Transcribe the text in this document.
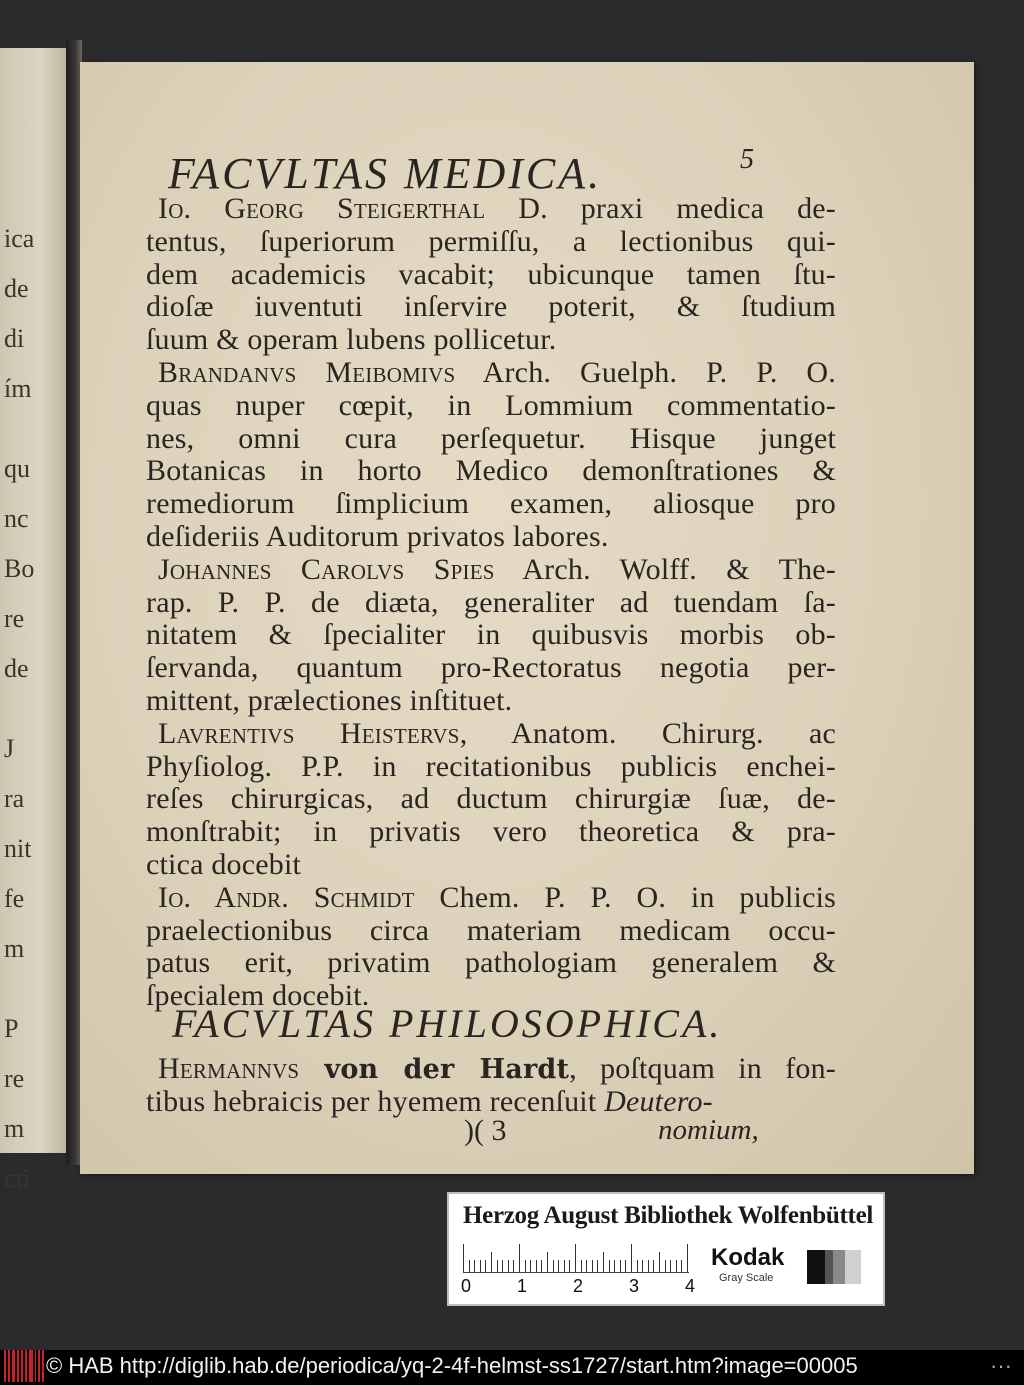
ica
de
di
ím
qu
nc
Bo
re
de
J
ra
nit
fe
m
P
re
m
cti
FACVLTAS MEDICA.	5
FACVLTAS PHILOSOPHICA.
)( 3	nomium,
Io. Georg Steigerthal D. praxi medica de-
tentus, ſuperiorum permiſſu, a lectionibus qui-
dem academicis vacabit; ubicunque tamen ſtu-
dioſæ iuventuti inſervire poterit, & ſtudium
ſuum & operam lubens pollicetur.
Brandanvs Meibomivs Arch. Guelph. P. P. O.
quas nuper cœpit, in Lommium commentatio-
nes, omni cura perſequetur. Hisque junget
Botanicas in horto Medico demonſtrationes &
remediorum ſimplicium examen, aliosque pro
deſideriis Auditorum privatos labores.
Johannes Carolvs Spies Arch. Wolff. & The-
rap. P. P. de diæta, generaliter ad tuendam ſa-
nitatem & ſpecialiter in quibusvis morbis ob-
ſervanda, quantum pro-Rectoratus negotia per-
mittent, prælectiones inſtituet.
Lavrentivs Heistervs, Anatom. Chirurg. ac
Phyſiolog. P.P. in recitationibus publicis enchei-
reſes chirurgicas, ad ductum chirurgiæ ſuæ, de-
monſtrabit; in privatis vero theoretica & pra-
ctica docebit
Io. Andr. Schmidt Chem. P. P. O. in publicis
praelectionibus circa materiam medicam occu-
patus erit, privatim pathologiam generalem &
ſpecialem docebit.
Hermannvs von der Hardt, poſtquam in fon-
tibus hebraicis per hyemem recenſuit Deutero-
Herzog August Bibliothek Wolfenbüttel
0	1	2	3	4
Kodak
Gray Scale
© HAB http://diglib.hab.de/periodica/yq-2-4f-helmst-ss1727/start.htm?image=00005	···
